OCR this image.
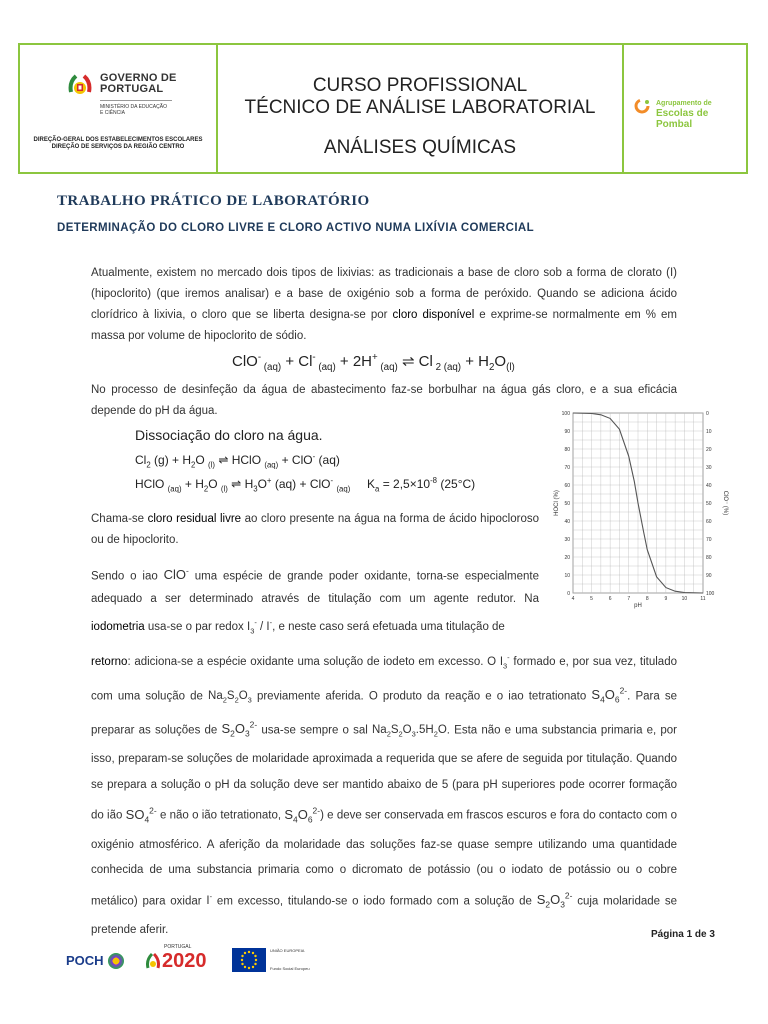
GOVERNO DE
PORTUGAL
MINISTÉRIO DA EDUCAÇÃO
E CIÊNCIA
DIREÇÃO-GERAL DOS ESTABELECIMENTOS ESCOLARES
DIREÇÃO DE SERVIÇOS DA REGIÃO CENTRO
CURSO PROFISSIONAL
TÉCNICO DE ANÁLISE LABORATORIAL
ANÁLISES QUÍMICAS
Agrupamento de
Escolas de Pombal
TRABALHO PRÁTICO DE LABORATÓRIO
DETERMINAÇÃO DO CLORO LIVRE E CLORO ACTIVO NUMA LIXÍVIA COMERCIAL
Atualmente, existem no mercado dois tipos de lixivias: as tradicionais a base de cloro sob a forma de clorato (I) (hipoclorito) (que iremos analisar) e a base de oxigénio sob a forma de peróxido. Quando se adiciona ácido clorídrico à lixivia, o cloro que se liberta designa-se por cloro disponível e exprime-se normalmente em % em massa por volume de hipoclorito de sódio.
ClO- $_{(aq)}$ + Cl- $_{(aq)}$ + 2H+ $_{(aq)}$ ⇌ Cl $_{2 (aq)} + H_2O_{(l)}$
No processo de desinfeção da água de abastecimento faz-se borbulhar na água gás cloro, e a sua eficácia depende do pH da água.
Dissociação do cloro na água.
$Cl_2$ $(g) + H_2O$ $_{(l)}$ ⇌ HClO $_{(aq)}$ + ClO- (aq)
HClO $_{(aq)} + H_2O$ $_{(l)}$ ⇌ $H_3O^+$ (aq) + ClO- $_{(aq)}$     $K_a = 2,5\times 10^{-8}$ (25°C)
4	5	6	7	8	9	10	11
0
10
20
30
40
50
60
70
80
90
100
100
90
80
70
60
50
40
30
20
10
0
pH
HOCl (%)	ClO⁻ (%)
Chama-se cloro residual livre ao cloro presente na água na forma de ácido hipocloroso ou de hipoclorito.
Sendo o iao ClO- uma espécie de grande poder oxidante, torna-se especialmente adequado a ser determinado através de titulação com um agente redutor. Na iodometria usa-se o par redox $I_3^- / I^-$, e neste caso será efetuada uma titulação de
retorno: adiciona-se a espécie oxidante uma solução de iodeto em excesso. O $I_3^-$ formado e, por sua vez, titulado com uma solução de $Na_2S_2O_3$ previamente aferida. O produto da reação e o iao tetrationato $S_4O_6^{2-}$. Para se preparar as soluções de $S_2O_3^{2-}$ usa-se sempre o sal $Na_2S_2O_3.5H_2O$. Esta não e uma substancia primaria e, por isso, preparam-se soluções de molaridade aproximada a requerida que se afere de seguida por titulação. Quando se prepara a solução o pH da solução deve ser mantido abaixo de 5 (para pH superiores pode ocorrer formação do ião $SO_4^{2-}$ e não o ião tetrationato, $S_4O_6^{2-}$) e deve ser conservada em frascos escuros e fora do contacto com o oxigénio atmosférico. A aferição da molaridade das soluções faz-se quase sempre utilizando uma quantidade conhecida de uma substancia primaria como o dicromato de potássio (ou o iodato de potássio ou o cobre metálico) para oxidar I- em excesso, titulando-se o iodo formado com a solução de $S_2O_3^{2-}$ cuja molaridade se pretende aferir.	Página 1 de 3
POCH
PORTUGAL
2020	UNIÃO EUROPEIA
Fundo Social Europeu
